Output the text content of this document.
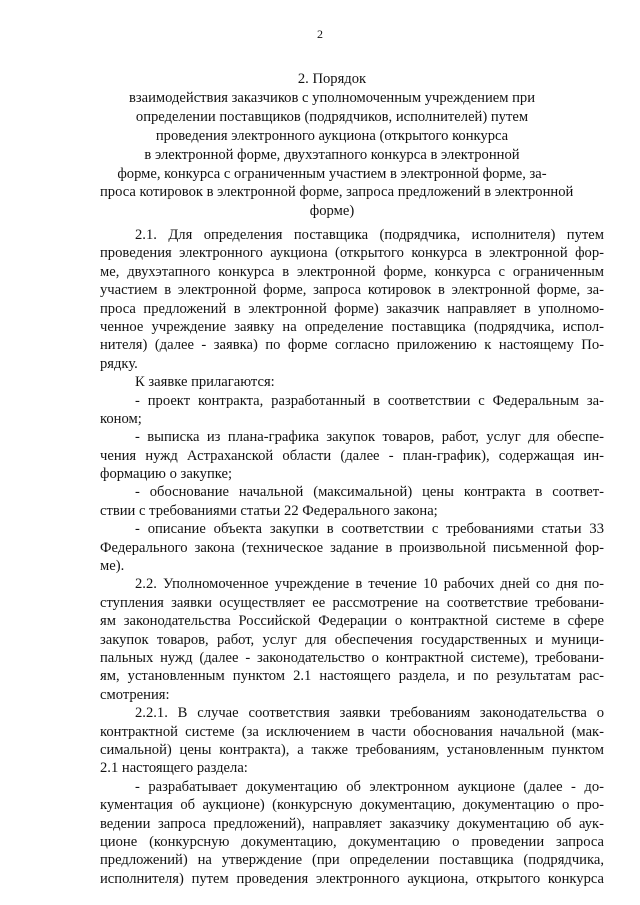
2
2. Порядок
взаимодействия заказчиков с уполномоченным учреждением при
определении поставщиков (подрядчиков, исполнителей) путем
проведения электронного аукциона (открытого конкурса
в электронной форме, двухэтапного конкурса в электронной
форме, конкурса с ограниченным участием в электронной форме, за-
проса котировок в электронной форме, запроса предложений в электронной
форме)
2.1. Для определения поставщика (подрядчика, исполнителя) путем
проведения электронного аукциона (открытого конкурса в электронной фор-
ме, двухэтапного конкурса в электронной форме, конкурса с ограниченным
участием в электронной форме, запроса котировок в электронной форме, за-
проса предложений в электронной форме) заказчик направляет в уполномо-
ченное учреждение заявку на определение поставщика (подрядчика, испол-
нителя) (далее - заявка) по форме согласно приложению к настоящему По-
рядку.
К заявке прилагаются:
- проект контракта, разработанный в соответствии с Федеральным за-
коном;
- выписка из плана-графика закупок товаров, работ, услуг для обеспе-
чения нужд Астраханской области (далее - план-график), содержащая ин-
формацию о закупке;
- обоснование начальной (максимальной) цены контракта в соответ-
ствии с требованиями статьи 22 Федерального закона;
- описание объекта закупки в соответствии с требованиями статьи 33
Федерального закона (техническое задание в произвольной письменной фор-
ме).
2.2. Уполномоченное учреждение в течение 10 рабочих дней со дня по-
ступления заявки осуществляет ее рассмотрение на соответствие требовани-
ям законодательства Российской Федерации о контрактной системе в сфере
закупок товаров, работ, услуг для обеспечения государственных и муници-
пальных нужд (далее - законодательство о контрактной системе), требовани-
ям, установленным пунктом 2.1 настоящего раздела, и по результатам рас-
смотрения:
2.2.1. В случае соответствия заявки требованиям законодательства о
контрактной системе (за исключением в части обоснования начальной (мак-
симальной) цены контракта), а также требованиям, установленным пунктом
2.1 настоящего раздела:
- разрабатывает документацию об электронном аукционе (далее - до-
кументация об аукционе) (конкурсную документацию, документацию о про-
ведении запроса предложений), направляет заказчику документацию об аук-
ционе (конкурсную документацию, документацию о проведении запроса
предложений) на утверждение (при определении поставщика (подрядчика,
исполнителя) путем проведения электронного аукциона, открытого конкурса
